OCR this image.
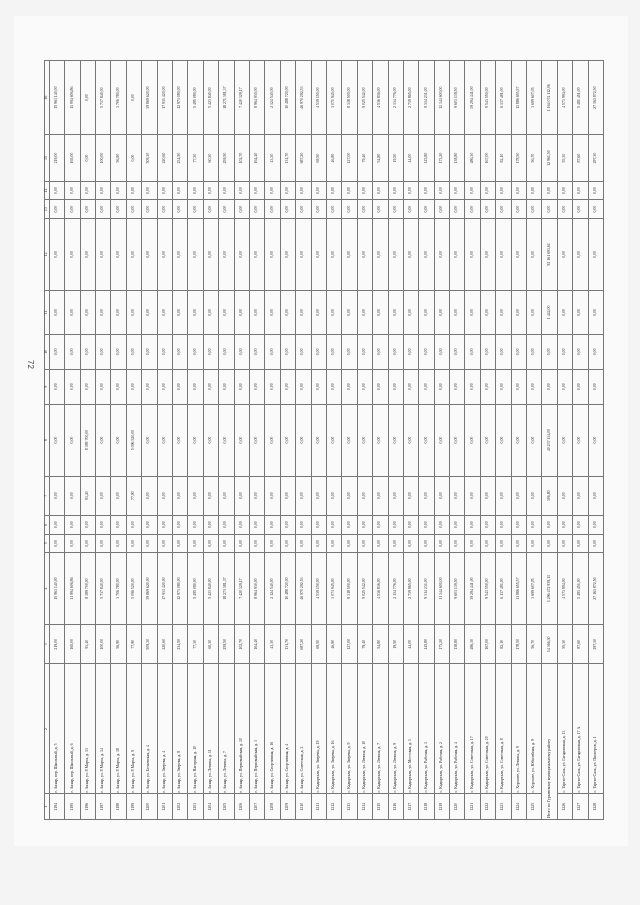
1	2	3	4	5	6	7	8	9	10	11	12	13	14	15	16
1194	г. Акъяр, пер. Школьный, д. 5	219,00	15 963 140,00	0,00	0,00	0,00	0,00	0,00	0,00	0,00	0,00	0,00	0,00	219,00	15 963 140,00
1195	г. Акъяр, пер. Школьный, д. 6	165,00	11 994 606,86	0,00	0,00	0,00	0,00	0,00	0,00	0,00	0,00	0,00	0,00	165,00	11 994 606,86
1196	г. Акъяр, ул. 8 Марта, д. 13	93,40	8 389 700,00	0,00	0,00	93,40	8 389 700,00	0,00	0,00	0,00	0,00	0,00	0,00	0,00	0,00
1197	г. Акъяр, ул. 8 Марта, д. 14	100,00	5 737 840,00	0,00	0,00	0,00	0,00	0,00	0,00	0,00	0,00	0,00	0,00	100,00	5 737 840,00
1198	г. Акъяр, ул. 8 Марта, д. 18	56,90	3 706 780,00	0,00	0,00	0,00	0,00	0,00	0,00	0,00	0,00	0,00	0,00	56,90	3 706 780,00
1199	г. Акъяр, ул. 8 Марта, д. 9	77,90	5 096 520,00	0,00	0,00	77,90	5 096 520,00	0,00	0,00	0,00	0,00	0,00	0,00	0,00	0,00
1200	г. Акъяр, ул. Бельевская, д. 4	509,30	39 869 620,00	0,00	0,00	0,00	0,00	0,00	0,00	0,00	0,00	0,00	0,00	509,30	39 869 620,00
1201	г. Акъяр, ул. Зверева, д. 4	220,60	17 931 420,00	0,00	0,00	0,00	0,00	0,00	0,00	0,00	0,00	0,00	0,00	220,60	17 931 420,00
1202	г. Акъяр, ул. Зверева, д. 8	234,50	12 973 080,00	0,00	0,00	0,00	0,00	0,00	0,00	0,00	0,00	0,00	0,00	234,50	12 973 080,00
1203	г. Акъяр, ул. Нагорная, д. 10	77,30	5 495 080,00	0,00	0,00	0,00	0,00	0,00	0,00	0,00	0,00	0,00	0,00	77,30	5 495 080,00
1204	г. Акъяр, ул. Ленина, д. 11	60,30	5 423 840,00	0,00	0,00	0,00	0,00	0,00	0,00	0,00	0,00	0,00	0,00	60,30	5 423 840,00
1205	г. Акъяр, ул. Ленина, д. 7	259,50	18 271 381,37	0,00	0,00	0,00	0,00	0,00	0,00	0,00	0,00	0,00	0,00	259,50	18 271 381,37
1206	г. Акъяр, ул. Первомайская, д. 10	102,70	7 420 329,17	0,00	0,00	0,00	0,00	0,00	0,00	0,00	0,00	0,00	0,00	102,70	7 420 329,17
1207	г. Акъяр, ул. Первомайская, д. 3	164,40	8 964 930,00	0,00	0,00	0,00	0,00	0,00	0,00	0,00	0,00	0,00	0,00	164,40	8 964 930,00
1208	г. Акъяр, ул. Спортивная, д. 16	43,30	2 124 540,00	0,00	0,00	0,00	0,00	0,00	0,00	0,00	0,00	0,00	0,00	43,30	2 124 540,00
1209	г. Акъяр, ул. Спортивная, д. 4	131,70	10 488 720,00	0,00	0,00	0,00	0,00	0,00	0,00	0,00	0,00	0,00	0,00	131,70	10 488 720,00
1210	г. Акъяр, ул. Советская, д. 2	687,20	46 970 292,53	0,00	0,00	0,00	0,00	0,00	0,00	0,00	0,00	0,00	0,00	687,20	46 970 292,53
1211	с. Кадыргали, ул. Зверева, д. 19	69,50	4 539 150,00	0,00	0,00	0,00	0,00	0,00	0,00	0,00	0,00	0,00	0,00	69,50	4 539 150,00
1212	с. Кадыргали, ул. Зверева, д. 16	46,90	3 071 945,00	0,00	0,00	0,00	0,00	0,00	0,00	0,00	0,00	0,00	0,00	46,90	3 071 945,00
1213	с. Кадыргали, ул. Зверева, д. 9	127,00	8 318 500,00	0,00	0,00	0,00	0,00	0,00	0,00	0,00	0,00	0,00	0,00	127,00	8 318 500,00
1214	с. Кадыргали, ул. Ленина, д. 10	79,40	9 025 542,00	0,00	0,00	0,00	0,00	0,00	0,00	0,00	0,00	0,00	0,00	79,40	9 025 542,00
1215	с. Кадыргали, ул. Ленина, д. 7	54,80	4 536 836,00	0,00	0,00	0,00	0,00	0,00	0,00	0,00	0,00	0,00	0,00	54,80	4 536 836,00
1216	с. Кадыргали, ул. Ленина, д. 9	19,50	2 134 776,00	0,00	0,00	0,00	0,00	0,00	0,00	0,00	0,00	0,00	0,00	19,50	2 134 776,00
1217	с. Кадыргали, ул. Мостовая, д. 3	44,00	2 739 865,00	0,00	0,00	0,00	0,00	0,00	0,00	0,00	0,00	0,00	0,00	44,00	2 739 865,00
1218	с. Кадыргали, ул. Рабочая, д. 1	145,80	9 314 231,00	0,00	0,00	0,00	0,00	0,00	0,00	0,00	0,00	0,00	0,00	145,80	9 314 231,00
1219	с. Кадыргали, ул. Рабочая, д. 2	173,20	11 344 600,00	0,00	0,00	0,00	0,00	0,00	0,00	0,00	0,00	0,00	0,00	173,20	11 344 600,00
1220	с. Кадыргали, ул. Рабочая, д. 4	138,80	9 603 139,50	0,00	0,00	0,00	0,00	0,00	0,00	0,00	0,00	0,00	0,00	138,80	9 603 139,50
1221	с. Кадыргали, ул. Советская, д. 17	486,30	39 294 441,00	0,00	0,00	0,00	0,00	0,00	0,00	0,00	0,00	0,00	0,00	486,30	39 294 441,00
1222	с. Кадыргали, ул. Советская, д. 20	167,00	9 543 550,00	0,00	0,00	0,00	0,00	0,00	0,00	0,00	0,00	0,00	0,00	167,00	9 543 550,00
1223	с. Кадыргали, ул. Советская, д. 8	82,10	6 137 481,00	0,00	0,00	0,00	0,00	0,00	0,00	0,00	0,00	0,00	0,00	82,10	6 137 481,00
1224	с. Хорошее, ул. Ленина, д. 9	178,50	11 886 655,57	0,00	0,00	0,00	0,00	0,00	0,00	0,00	0,00	0,00	0,00	178,50	11 886 655,57
1225	с. Хорошее, ул. Юбилейная, д. 9	56,70	3 699 607,05	0,00	0,00	0,00	0,00	0,00	0,00	0,00	0,00	0,00	0,00	56,70	3 699 607,05
Итого по Гурьевскому муниципальному району		14 366,30	1 296 472 939,11	0,00	0,00	306,80	40 237 134,00	0,00	0,00	1 442,00	92 161 693,61	0,00	0,00	12 961,50	1 164 074 112,06
1226	с. Таргиз-Саль, ул. Гагаринская, д. 13	55,30	4 573 994,00	0,00	0,00	0,00	0,00	0,00	0,00	0,00	0,00	0,00	0,00	55,30	4 573 994,00
1227	с. Таргиз-Саль, ул. Гагаринская, д. 17 А	87,60	5 481 451,00	0,00	0,00	0,00	0,00	0,00	0,00	0,00	0,00	0,00	0,00	87,60	5 481 451,00
1228	с. Таргиз-Саль, ул. Пионеров, д. 1	297,30	27 163 872,50	0,00	0,00	0,00	0,00	0,00	0,00	0,00	0,00	0,00	0,00	297,30	27 163 872,50
72
